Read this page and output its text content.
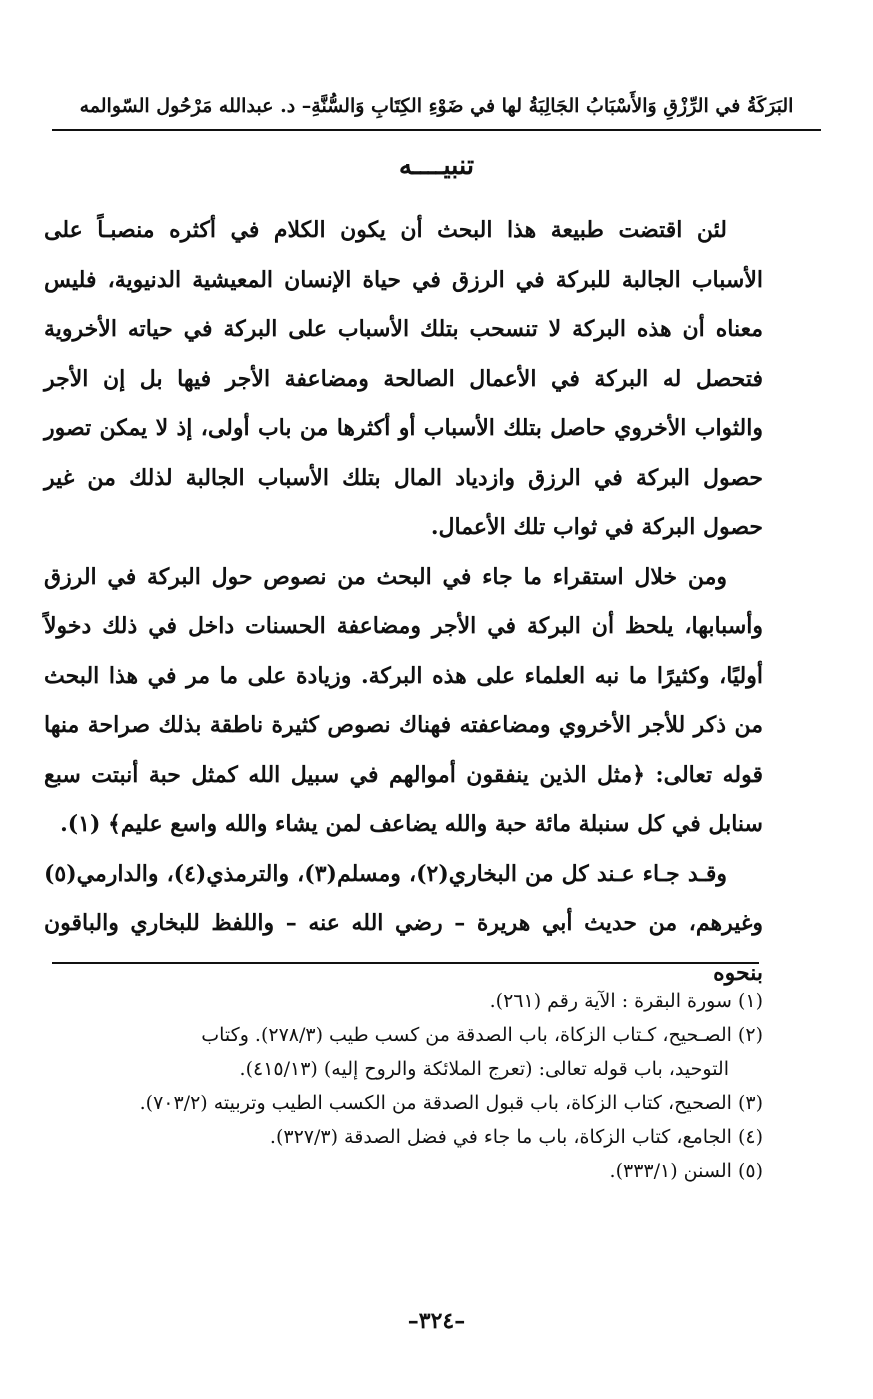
البَرَكَةُ في الرِّزْقِ وَالأَسْبَابُ الجَالِبَةُ لها في ضَوْءِ الكِتَابِ وَالسُّنَّةِ– د. عبدالله مَرْحُول السّوالمه
تنبيــــه

لئن اقتضت طبيعة هذا البحث أن يكون الكلام في أكثره منصبـاً على الأسباب الجالبة للبركة في الرزق في حياة الإنسان المعيشية الدنيوية، فليس معناه أن هذه البركة لا تنسحب بتلك الأسباب على البركة في حياته الأخروية فتحصل له البركة في الأعمال الصالحة ومضاعفة الأجر فيها بل إن الأجر والثواب الأخروي حاصل بتلك الأسباب أو أكثرها من باب أولى، إذ لا يمكن تصور حصول البركة في الرزق وازدياد المال بتلك الأسباب الجالبة لذلك من غير حصول البركة في ثواب تلك الأعمال.

ومن خلال استقراء ما جاء في البحث من نصوص حول البركة في الرزق وأسبابها، يلحظ أن البركة في الأجر ومضاعفة الحسنات داخل في ذلك دخولاً أوليًا، وكثيرًا ما نبه العلماء على هذه البركة. وزيادة على ما مر في هذا البحث من ذكر للأجر الأخروي ومضاعفته فهناك نصوص كثيرة ناطقة بذلك صراحة منها قوله تعالى: ﴿مثل الذين ينفقون أموالهم في سبيل الله كمثل حبة أنبتت سبع سنابل في كل سنبلة مائة حبة والله يضاعف لمن يشاء والله واسع عليم﴾ (١).

وقـد جـاء عـند كل من البخاري(٢)، ومسلم(٣)، والترمذي(٤)، والدارمي(٥) وغيرهم، من حديث أبي هريرة – رضي الله عنه – واللفظ للبخاري والباقون بنحوه

(١) سورة البقرة : الآية رقم (٢٦١).

(٢) الصـحيح، كـتاب الزكاة، باب الصدقة من كسب طيب (٢٧٨/٣). وكتاب

التوحيد، باب قوله تعالى: (تعرج الملائكة والروح إليه) (٤١٥/١٣).

(٣) الصحيح، كتاب الزكاة، باب قبول الصدقة من الكسب الطيب وتربيته (٧٠٣/٢).

(٤) الجامع، كتاب الزكاة، باب ما جاء في فضل الصدقة (٣٢٧/٣).

(٥) السنن (٣٣٣/١).

–٣٢٤–
